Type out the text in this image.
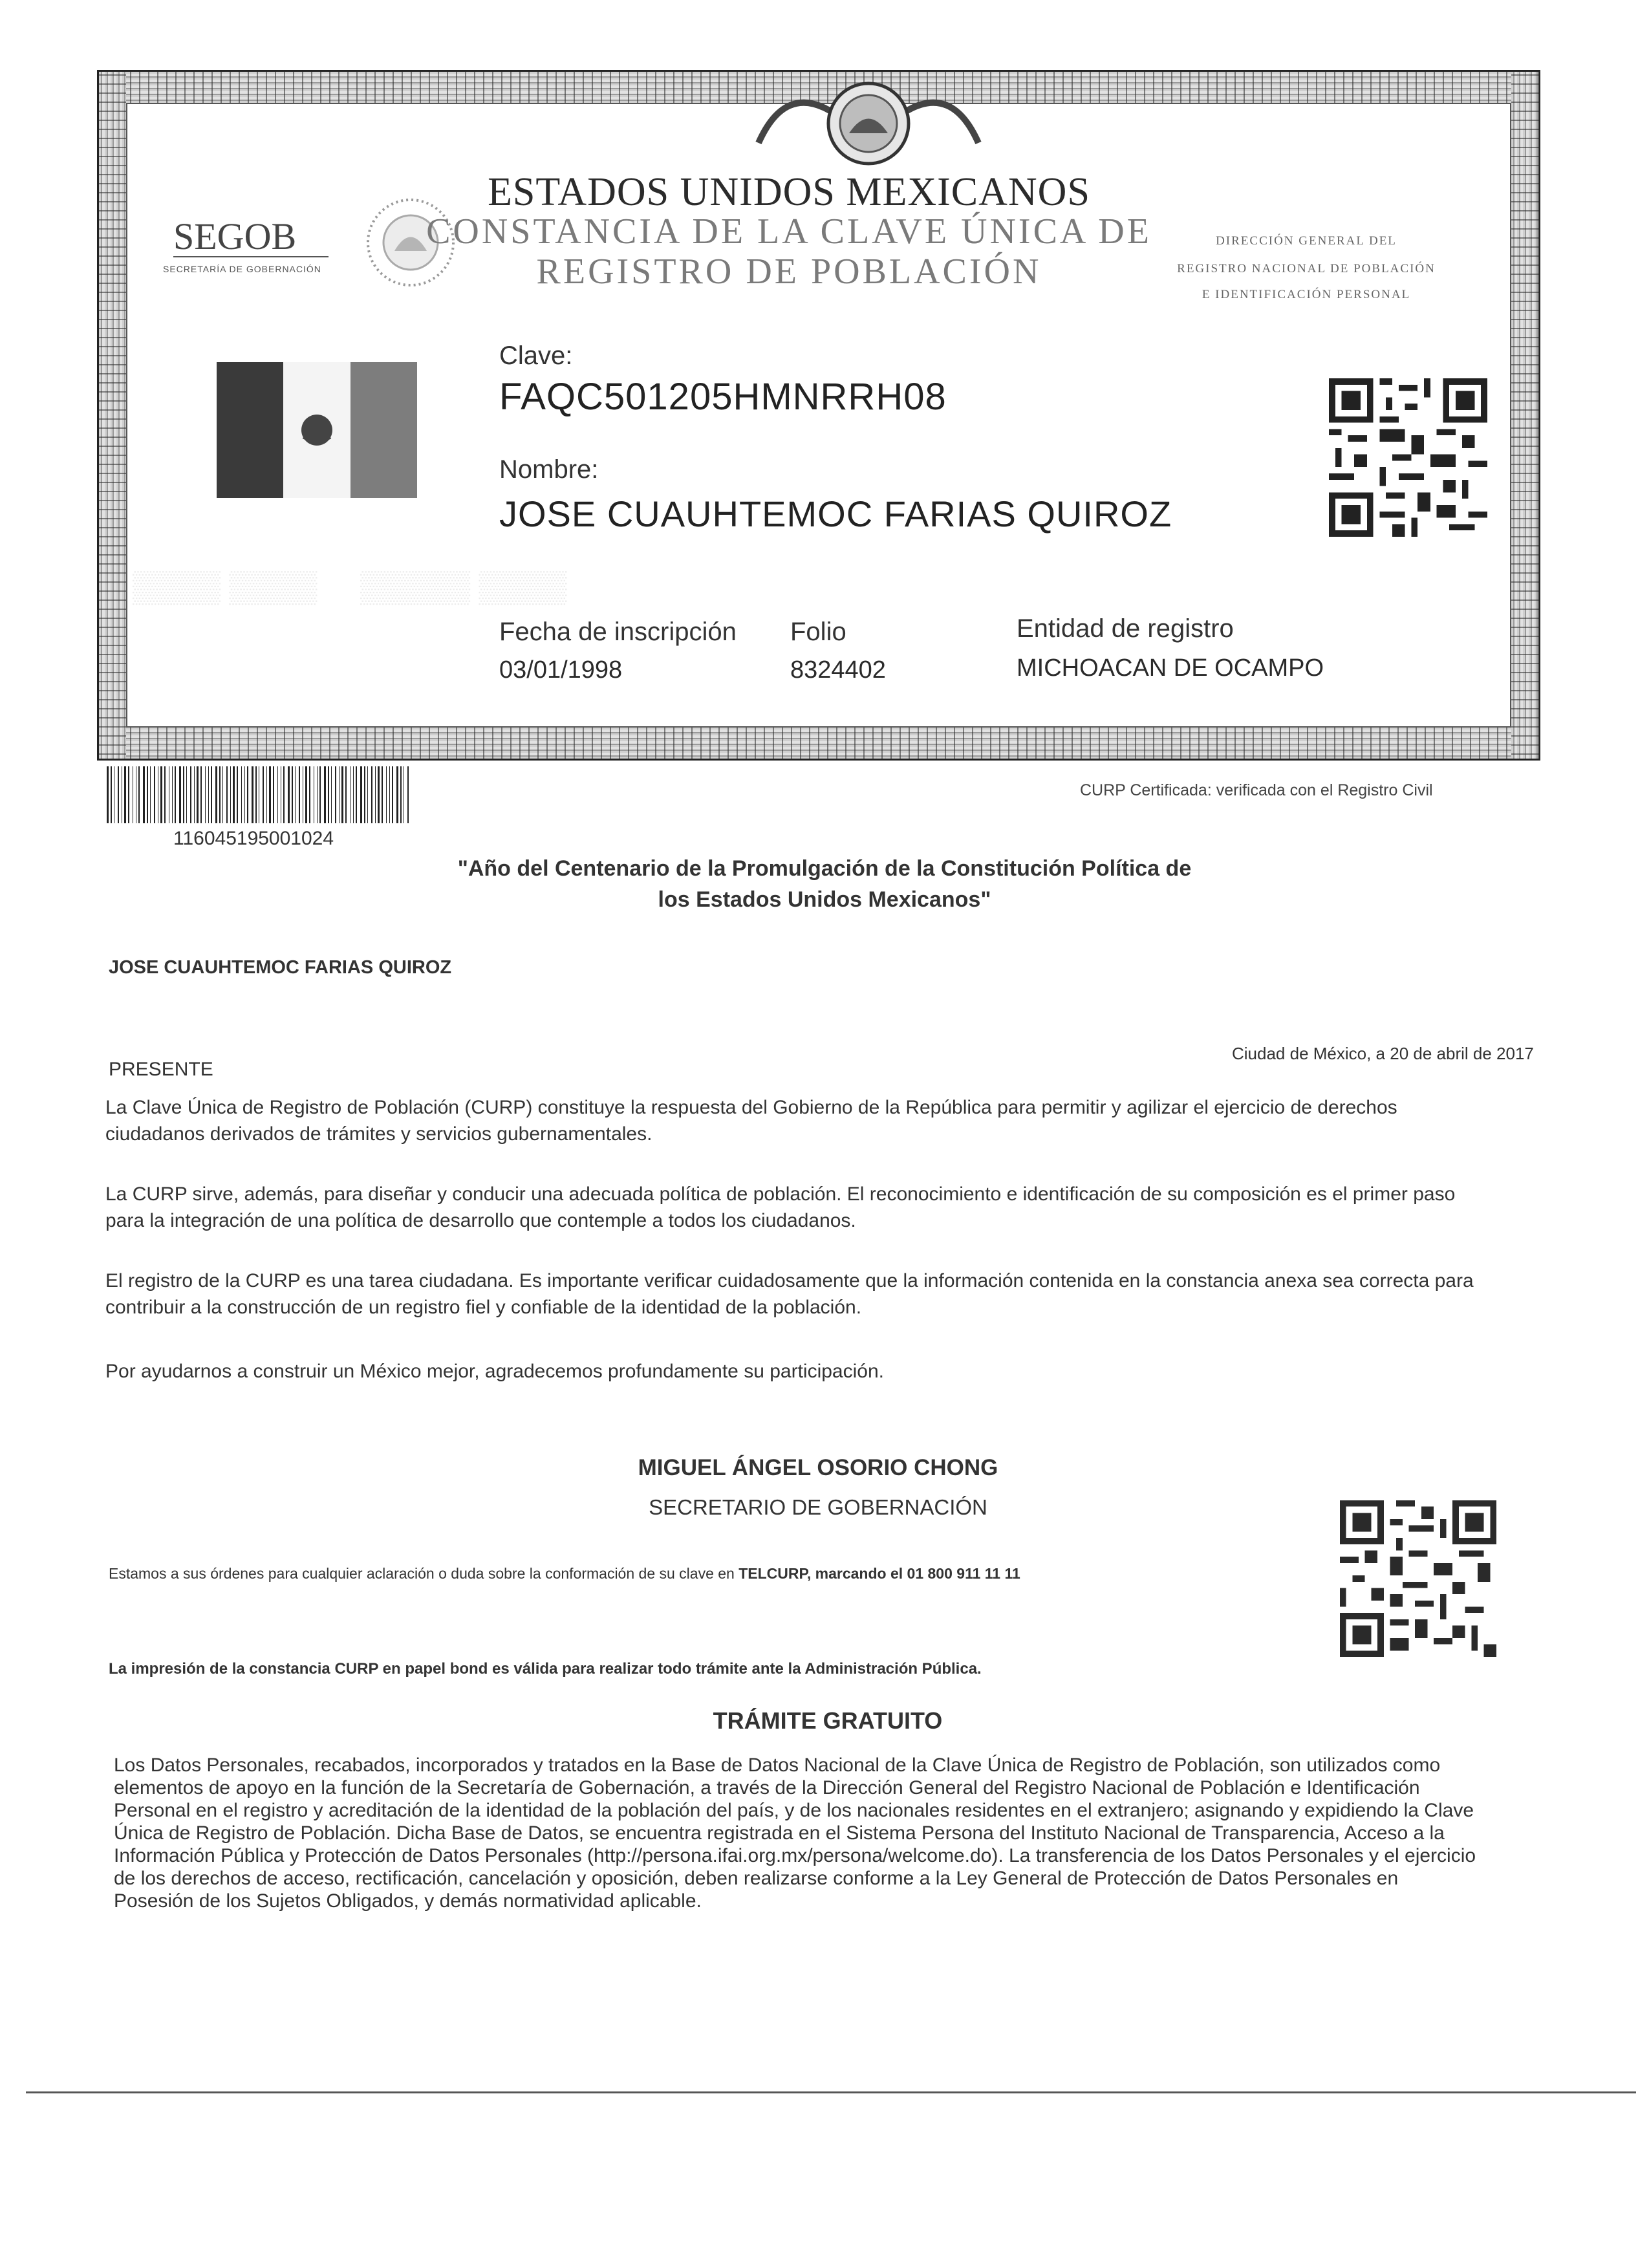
SEGOB
SECRETARÍA DE GOBERNACIÓN
ESTADOS UNIDOS MEXICANOS
CONSTANCIA DE LA CLAVE ÚNICA DE
REGISTRO DE POBLACIÓN
DIRECCIÓN GENERAL DEL
REGISTRO NACIONAL DE POBLACIÓN
E IDENTIFICACIÓN PERSONAL
Clave:
FAQC501205HMNRRH08
Nombre:
JOSE CUAUHTEMOC FARIAS QUIROZ
Fecha de inscripción
03/01/1998
Folio
8324402
Entidad de registro
MICHOACAN DE OCAMPO
▒▒▒▒ ▒▒▒▒     ▒▒▒▒▒ ▒▒▒▒
116045195001024
CURP Certificada: verificada con el Registro Civil
"Año del Centenario de la Promulgación de la Constitución Política de
los Estados Unidos Mexicanos"
JOSE CUAUHTEMOC FARIAS QUIROZ
PRESENTE
Ciudad de México, a 20 de abril de 2017
La Clave Única de Registro de Población (CURP) constituye la respuesta del Gobierno de la República para permitir y agilizar el ejercicio de derechos
ciudadanos derivados de trámites y servicios gubernamentales.
La CURP sirve, además, para diseñar y conducir una adecuada política de población. El reconocimiento e identificación de su composición es el primer paso
para la integración de una política de desarrollo que contemple a todos los ciudadanos.
El registro de la CURP es una tarea ciudadana. Es importante verificar cuidadosamente que la información contenida en la constancia anexa sea correcta para
contribuir a la construcción de un registro fiel y confiable de la identidad de la población.
Por ayudarnos a construir un México mejor, agradecemos profundamente su participación.
MIGUEL ÁNGEL OSORIO CHONG
SECRETARIO DE GOBERNACIÓN
Estamos a sus órdenes para cualquier aclaración o duda sobre la conformación de su clave en TELCURP, marcando el 01 800 911 11 11
La impresión de la constancia CURP en papel bond es válida para realizar todo trámite ante la Administración Pública.
TRÁMITE GRATUITO
Los Datos Personales, recabados, incorporados y tratados en la Base de Datos Nacional de la Clave Única de Registro de Población, son utilizados como
elementos de apoyo en la función de la Secretaría de Gobernación, a través de la Dirección General del Registro Nacional de Población e Identificación
Personal en el registro y acreditación de la identidad de la población del país, y de los nacionales residentes en el extranjero; asignando y expidiendo la Clave
Única de Registro de Población. Dicha Base de Datos, se encuentra registrada en el Sistema Persona del Instituto Nacional de Transparencia, Acceso a la
Información Pública y Protección de Datos Personales (http://persona.ifai.org.mx/persona/welcome.do). La transferencia de los Datos Personales y el ejercicio
de los derechos de acceso, rectificación, cancelación y oposición, deben realizarse conforme a la Ley General de Protección de Datos Personales en
Posesión de los Sujetos Obligados, y demás normatividad aplicable.
